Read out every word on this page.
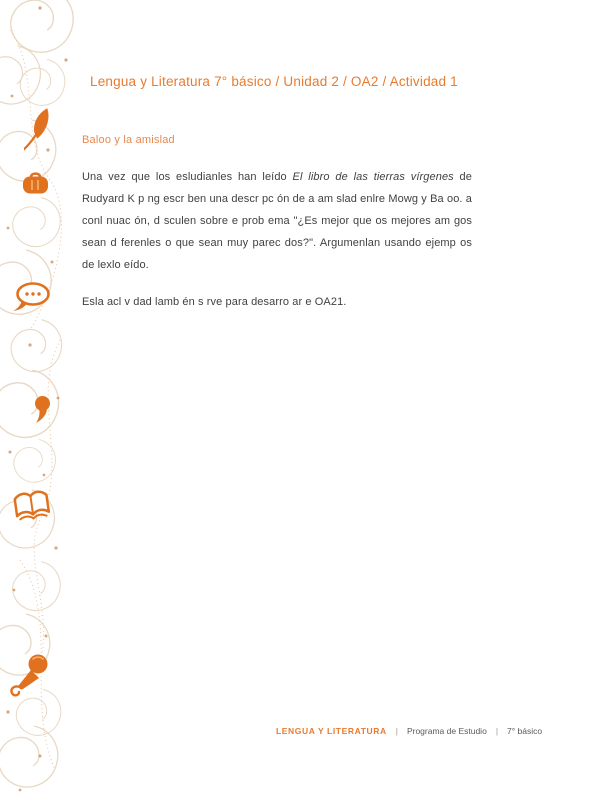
Lengua y Literatura 7° básico / Unidad 2 / OA2 / Actividad 1
Baloo y la amislad

Una vez que los esludianles han leído El libro de las tierras vírgenes de Rudyard K p ng escr ben una descr pc ón de a am slad enlre Mowg y Ba oo. a conl nuac ón, d sculen sobre e prob ema "¿Es mejor que os mejores am gos sean d ferenles o que sean muy parec dos?". Argumenlan usando ejemp os de lexlo eído.

Esla acl v dad lamb én s rve para desarro ar e OA21.

LENGUA Y LITERATURA | Programa de Estudio | 7° básico
